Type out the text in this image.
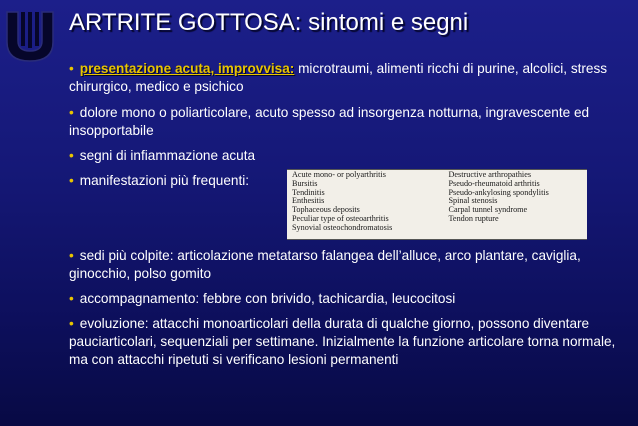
ARTRITE GOTTOSA: sintomi e segni
• presentazione acuta, improvvisa: microtraumi, alimenti ricchi di purine, alcolici, stress chirurgico, medico e psichico
• dolore mono o poliarticolare, acuto spesso ad insorgenza notturna, ingravescente ed insopportabile
• segni di infiammazione acuta
• manifestazioni più frequenti:	Acute mono- or polyarthritis
Bursitis
Tendinitis
Enthesitis
Tophaceous deposits
Peculiar type of osteoarthritis
Synovial osteochondromatosis
Destructive arthropathies
Pseudo-rheumatoid arthritis
Pseudo-ankylosing spondylitis
Spinal stenosis
Carpal tunnel syndrome
Tendon rupture
• sedi più colpite: articolazione metatarso falangea dell’alluce, arco plantare, caviglia, ginocchio, polso gomito
• accompagnamento: febbre con brivido, tachicardia, leucocitosi
• evoluzione: attacchi monoarticolari della durata di qualche giorno, possono diventare pauciarticolari, sequenziali per settimane. Inizialmente la funzione articolare torna normale, ma con attacchi ripetuti si verificano lesioni permanenti
